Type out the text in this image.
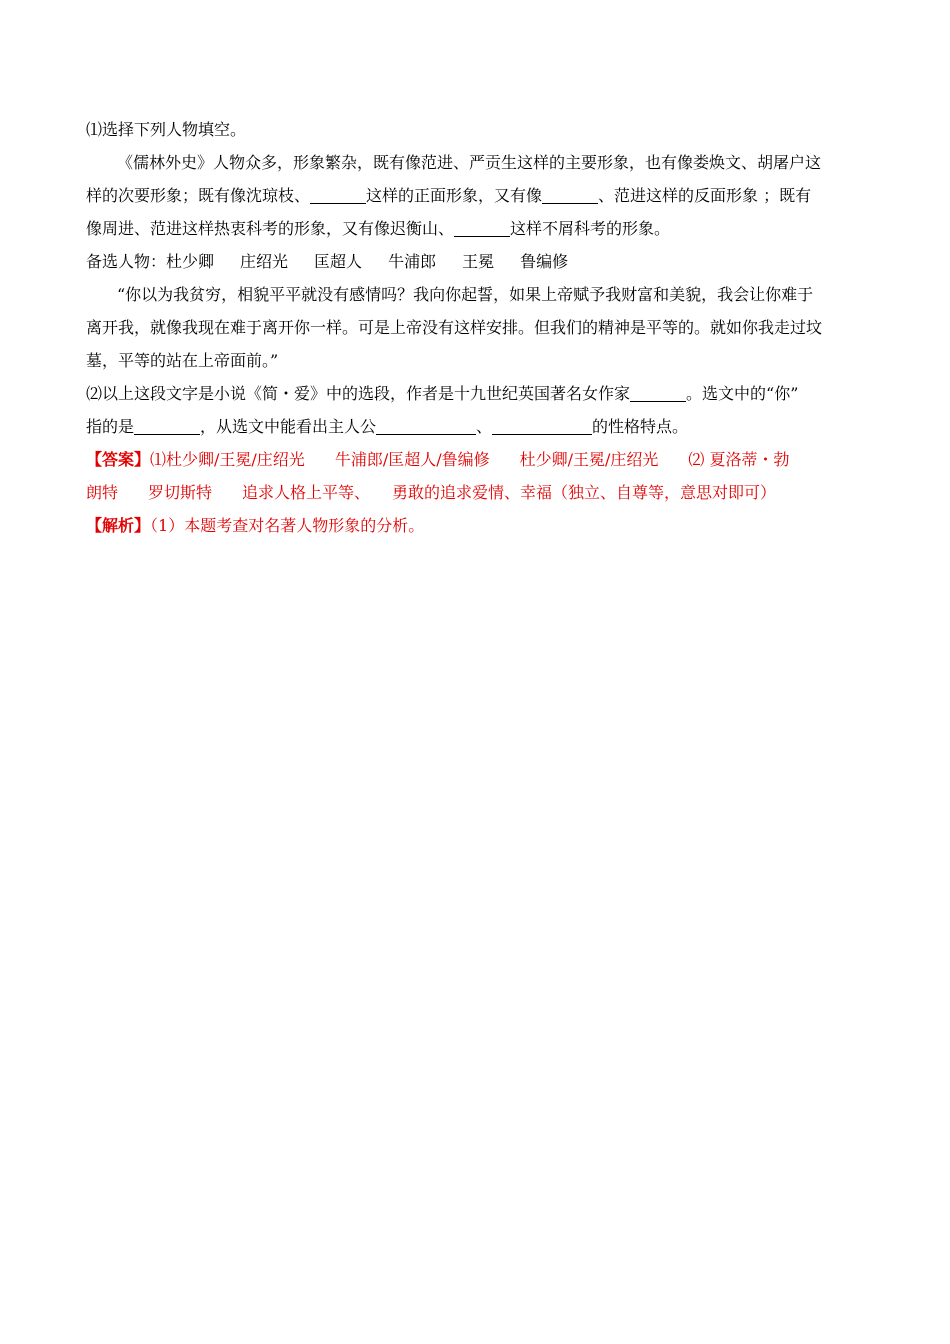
⑴选择下列人物填空。
《儒林外史》人物众多，形象繁杂，既有像范进、严贡生这样的主要形象，也有像娄焕文、胡屠户这
样的次要形象；既有像沈琼枝、	这样的正面形象，又有像	、范进这样的反面形象 ；既有
像周进、范进这样热衷科考的形象，又有像迟衡山、	这样不屑科考的形象。
备选人物：杜少卿 庄绍光 匡超人 牛浦郎 王冕 鲁编修
“你以为我贫穷，相貌平平就没有感情吗？我向你起誓，如果上帝赋予我财富和美貌，我会让你难于
离开我，就像我现在难于离开你一样。可是上帝没有这样安排。但我们的精神是平等的。就如你我走过坟
墓，平等的站在上帝面前。”
⑵以上这段文字是小说《简・爱》中的选段，作者是十九世纪英国著名女作家	。选文中的“你”
指的是	，从选文中能看出主人公	、	的性格特点。
【答案】⑴杜少卿/王冕/庄绍光 牛浦郎/匡超人/鲁编修 杜少卿/王冕/庄绍光 ⑵ 夏洛蒂・勃
朗特 罗切斯特 追求人格上平等、 勇敢的追求爱情、幸福（独立、自尊等，意思对即可）
【解析】（1）本题考查对名著人物形象的分析。
